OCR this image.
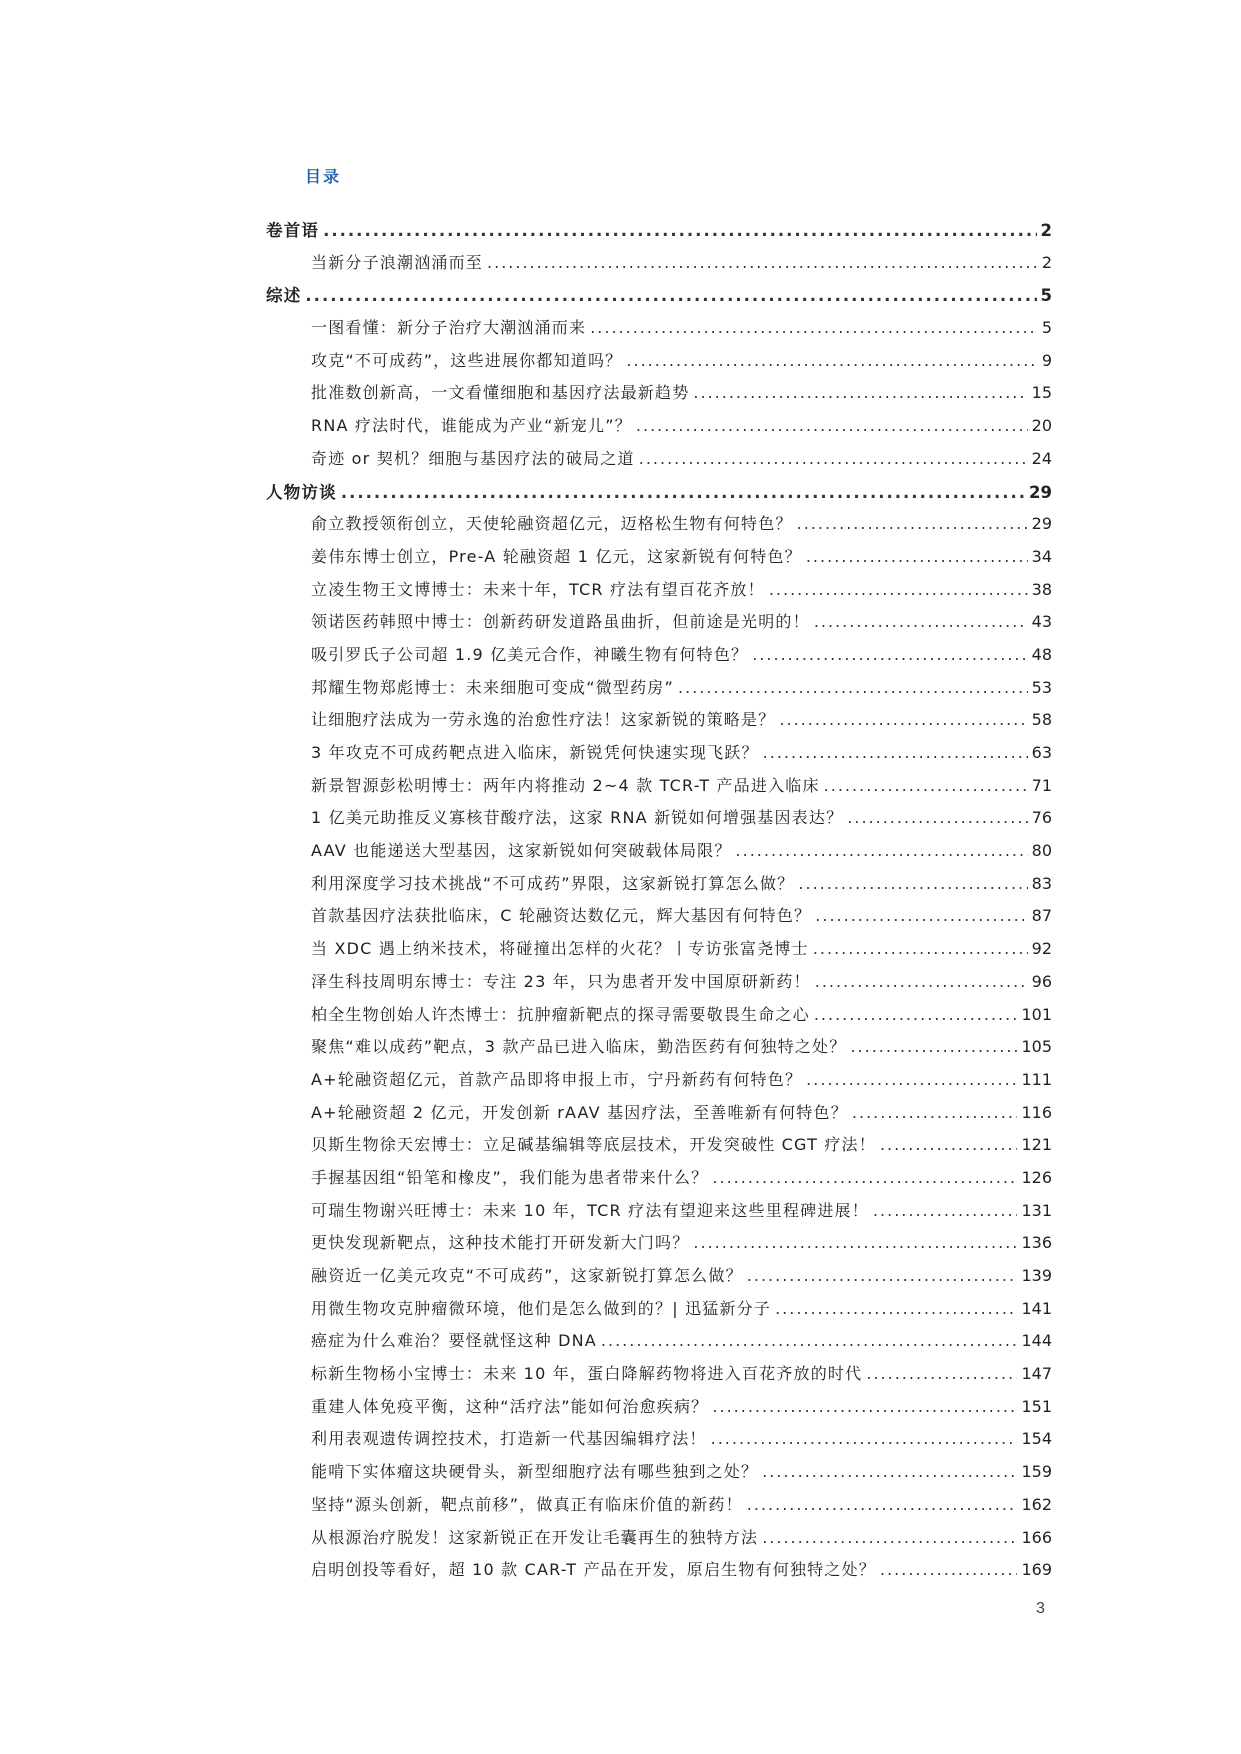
目录
卷首语 .....	2
当新分子浪潮汹涌而至 .....	2
综述 .....	5
一图看懂：新分子治疗大潮汹涌而来 .....	5
攻克“不可成药”，这些进展你都知道吗？ .....	9
批准数创新高，一文看懂细胞和基因疗法最新趋势 .....	15
RNA 疗法时代，谁能成为产业“新宠儿”？ .....	20
奇迹 or 契机？细胞与基因疗法的破局之道 .....	24
人物访谈 .....	29
俞立教授领衔创立，天使轮融资超亿元，迈格松生物有何特色？ .....	29
姜伟东博士创立，Pre-A 轮融资超 1 亿元，这家新锐有何特色？ .....	34
立凌生物王文博博士：未来十年，TCR 疗法有望百花齐放！ .....	38
领诺医药韩照中博士：创新药研发道路虽曲折，但前途是光明的！ .....	43
吸引罗氏子公司超 1.9 亿美元合作，神曦生物有何特色？ .....	48
邦耀生物郑彪博士：未来细胞可变成“微型药房” .....	53
让细胞疗法成为一劳永逸的治愈性疗法！这家新锐的策略是？ .....	58
3 年攻克不可成药靶点进入临床，新锐凭何快速实现飞跃？ .....	63
新景智源彭松明博士：两年内将推动 2~4 款 TCR-T 产品进入临床 .....	71
1 亿美元助推反义寡核苷酸疗法，这家 RNA 新锐如何增强基因表达？ .....	76
AAV 也能递送大型基因，这家新锐如何突破载体局限？ .....	80
利用深度学习技术挑战“不可成药”界限，这家新锐打算怎么做？ .....	83
首款基因疗法获批临床，C 轮融资达数亿元，辉大基因有何特色？ .....	87
当 XDC 遇上纳米技术，将碰撞出怎样的火花？丨专访张富尧博士 .....	92
泽生科技周明东博士：专注 23 年，只为患者开发中国原研新药！ .....	96
柏全生物创始人许杰博士：抗肿瘤新靶点的探寻需要敬畏生命之心 .....	101
聚焦“难以成药”靶点，3 款产品已进入临床，勤浩医药有何独特之处？ .....	105
A+轮融资超亿元，首款产品即将申报上市，宁丹新药有何特色？ .....	111
A+轮融资超 2 亿元，开发创新 rAAV 基因疗法，至善唯新有何特色？ .....	116
贝斯生物徐天宏博士：立足碱基编辑等底层技术，开发突破性 CGT 疗法！ .....	121
手握基因组“铅笔和橡皮”，我们能为患者带来什么？ .....	126
可瑞生物谢兴旺博士：未来 10 年，TCR 疗法有望迎来这些里程碑进展！ .....	131
更快发现新靶点，这种技术能打开研发新大门吗？ .....	136
融资近一亿美元攻克“不可成药”，这家新锐打算怎么做？ .....	139
用微生物攻克肿瘤微环境，他们是怎么做到的？| 迅猛新分子 .....	141
癌症为什么难治？要怪就怪这种 DNA .....	144
标新生物杨小宝博士：未来 10 年，蛋白降解药物将进入百花齐放的时代 .....	147
重建人体免疫平衡，这种“活疗法”能如何治愈疾病？ .....	151
利用表观遗传调控技术，打造新一代基因编辑疗法！ .....	154
能啃下实体瘤这块硬骨头，新型细胞疗法有哪些独到之处？ .....	159
坚持“源头创新，靶点前移”，做真正有临床价值的新药！ .....	162
从根源治疗脱发！这家新锐正在开发让毛囊再生的独特方法 .....	166
启明创投等看好，超 10 款 CAR-T 产品在开发，原启生物有何独特之处？ .....	169
3
